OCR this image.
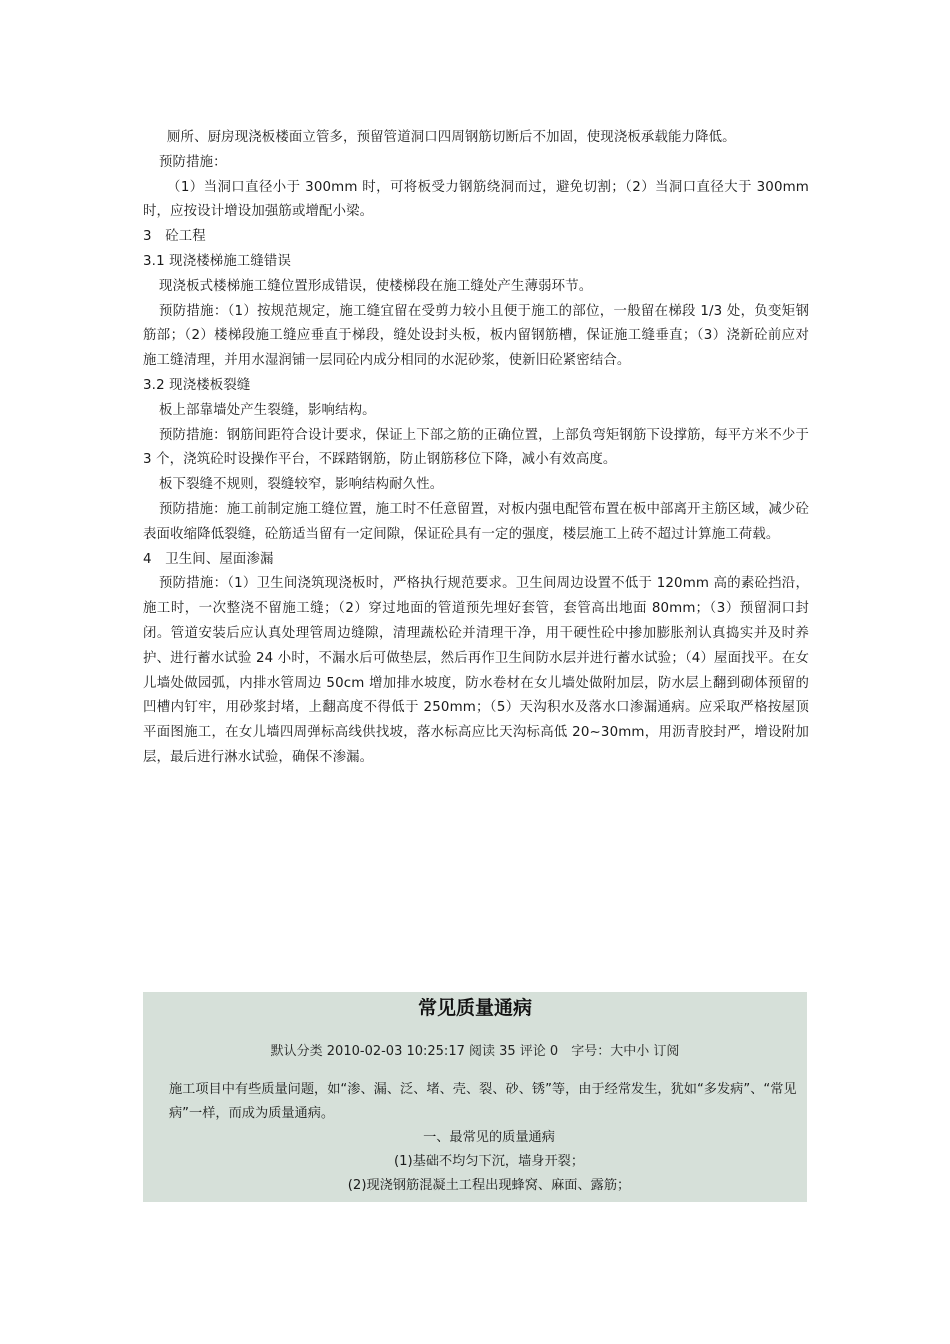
厕所、厨房现浇板楼面立管多，预留管道洞口四周钢筋切断后不加固，使现浇板承载能力降低。

预防措施：

（1）当洞口直径小于 300mm 时，可将板受力钢筋绕洞而过，避免切割；（2）当洞口直径大于 300mm 时，应按设计增设加强筋或增配小梁。

3　砼工程

3.1 现浇楼梯施工缝错误

现浇板式楼梯施工缝位置形成错误，使楼梯段在施工缝处产生薄弱环节。

预防措施：（1）按规范规定，施工缝宜留在受剪力较小且便于施工的部位，一般留在梯段 1/3 处，负变矩钢筋部；（2）楼梯段施工缝应垂直于梯段，缝处设封头板，板内留钢筋槽，保证施工缝垂直；（3）浇新砼前应对施工缝清理，并用水湿润铺一层同砼内成分相同的水泥砂浆，使新旧砼紧密结合。

3.2 现浇楼板裂缝

板上部靠墙处产生裂缝，影响结构。

预防措施：钢筋间距符合设计要求，保证上下部之筋的正确位置，上部负弯矩钢筋下设撑筋，每平方米不少于 3 个，浇筑砼时设操作平台，不踩踏钢筋，防止钢筋移位下降，减小有效高度。

板下裂缝不规则，裂缝较窄，影响结构耐久性。

预防措施：施工前制定施工缝位置，施工时不任意留置，对板内强电配管布置在板中部离开主筋区域，减少砼表面收缩降低裂缝，砼筋适当留有一定间隙，保证砼具有一定的强度，楼层施工上砖不超过计算施工荷载。

4　卫生间、屋面渗漏

预防措施：（1）卫生间浇筑现浇板时，严格执行规范要求。卫生间周边设置不低于 120mm 高的素砼挡沿，施工时，一次整浇不留施工缝；（2）穿过地面的管道预先埋好套管，套管高出地面 80mm；（3）预留洞口封闭。管道安装后应认真处理管周边缝隙，清理蔬松砼并清理干净，用干硬性砼中掺加膨胀剂认真捣实并及时养护、进行蓄水试验 24 小时，不漏水后可做垫层，然后再作卫生间防水层并进行蓄水试验；（4）屋面找平。在女儿墙处做园弧，内排水管周边 50cm 增加排水坡度，防水卷材在女儿墙处做附加层，防水层上翻到砌体预留的凹槽内钉牢，用砂浆封堵，上翻高度不得低于 250mm；（5）天沟积水及落水口渗漏通病。应采取严格按屋顶平面图施工，在女儿墙四周弹标高线供找坡，落水标高应比天沟标高低 20~30mm，用沥青胶封严，增设附加层，最后进行淋水试验，确保不渗漏。

常见质量通病
默认分类 2010-02-03 10:25:17 阅读 35 评论 0　字号：大中小 订阅

施工项目中有些质量问题，如“渗、漏、泛、堵、壳、裂、砂、锈”等，由于经常发生，犹如“多发病”、“常见病”一样，而成为质量通病。

一、最常见的质量通病

(1)基础不均匀下沉，墙身开裂；

(2)现浇钢筋混凝土工程出现蜂窝、麻面、露筋；
